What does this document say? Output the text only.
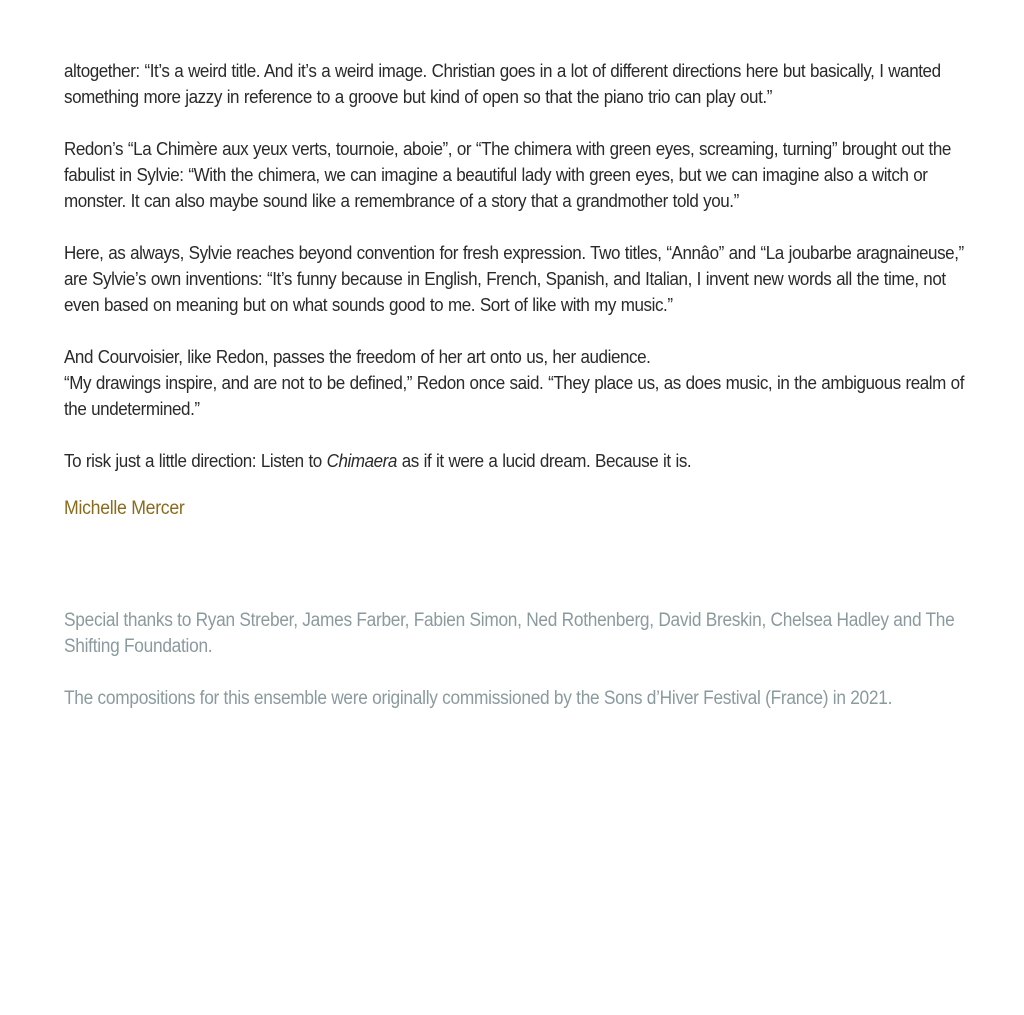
altogether: “It’s a weird title. And it’s a weird image. Christian goes in a lot of different directions here but basically, I wanted something more jazzy in reference to a groove but kind of open so that the piano trio can play out.”

Redon’s “La Chimère aux yeux verts, tournoie, aboie”, or “The chimera with green eyes, screaming, turning” brought out the fabulist in Sylvie: “With the chimera, we can imagine a beautiful lady with green eyes, but we can imagine also a witch or monster. It can also maybe sound like a remembrance of a story that a grandmother told you.”

Here, as always, Sylvie reaches beyond convention for fresh expression. Two titles, “Annâo” and “La joubarbe aragnaineuse,” are Sylvie’s own inventions: “It’s funny because in English, French, Spanish, and Italian, I invent new words all the time, not even based on meaning but on what sounds good to me. Sort of like with my music.”

And Courvoisier, like Redon, passes the freedom of her art onto us, her audience.
“My drawings inspire, and are not to be defined,” Redon once said. “They place us, as does music, in the ambiguous realm of the undetermined.”

To risk just a little direction: Listen to Chimaera as if it were a lucid dream. Because it is.

Michelle Mercer

Special thanks to Ryan Streber, James Farber, Fabien Simon, Ned Rothenberg, David Breskin, Chelsea Hadley and The Shifting Foundation.

The compositions for this ensemble were originally commissioned by the Sons d’Hiver Festival (France) in 2021.
